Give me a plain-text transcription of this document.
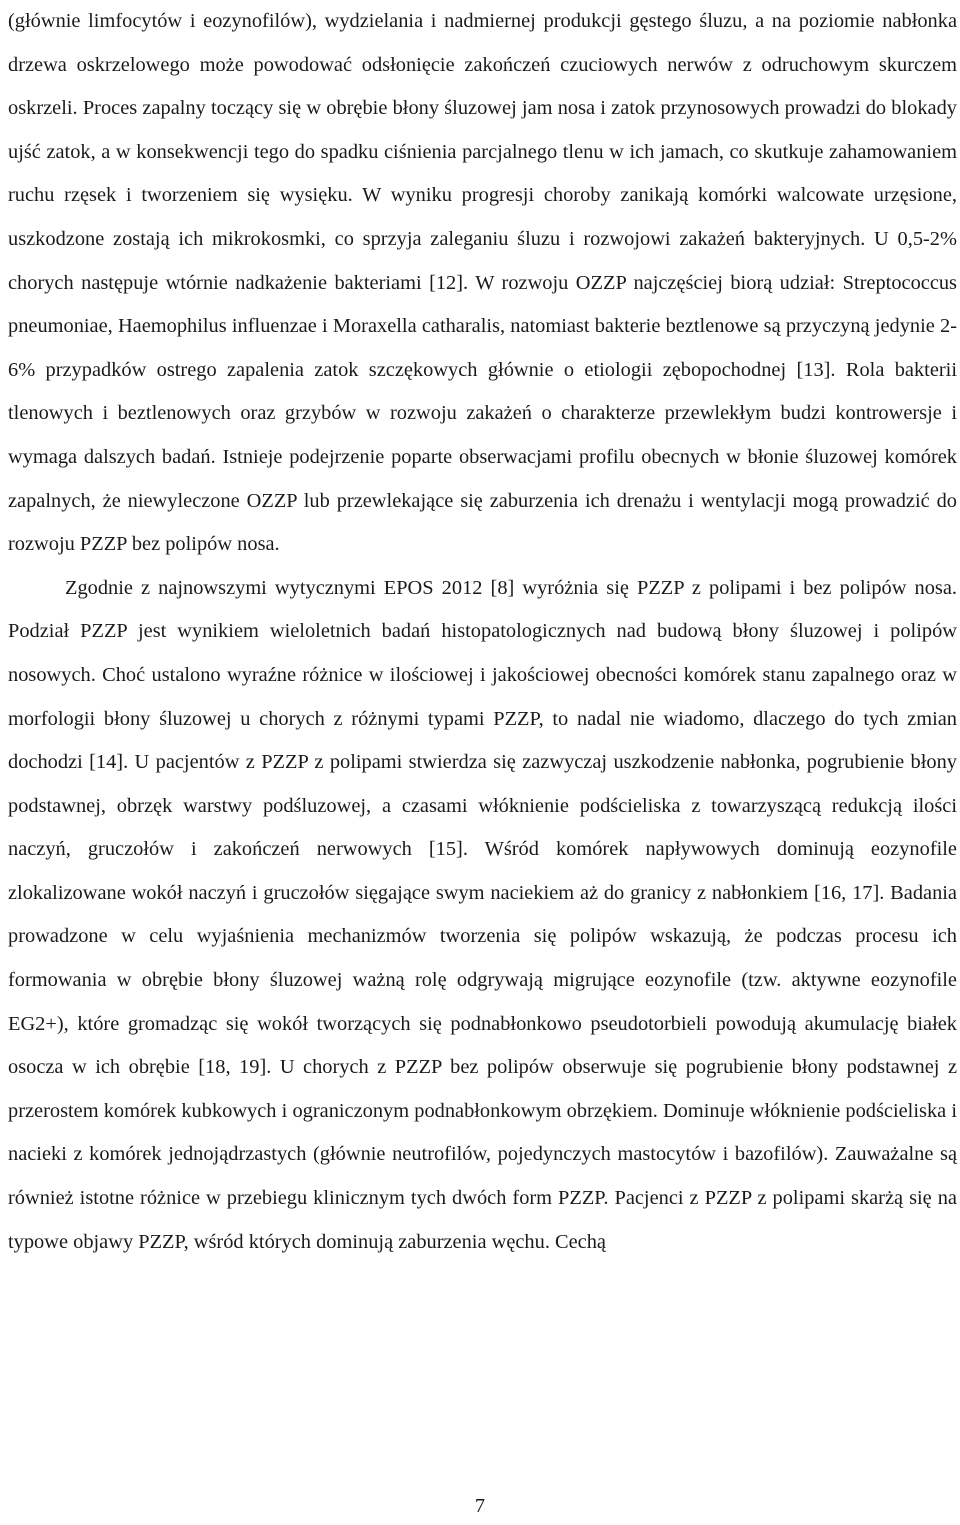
(głównie limfocytów i eozynofilów), wydzielania i nadmiernej produkcji gęstego śluzu, a na poziomie nabłonka drzewa oskrzelowego może powodować odsłonięcie zakończeń czuciowych nerwów z odruchowym skurczem oskrzeli. Proces zapalny toczący się w obrębie błony śluzowej jam nosa i zatok przynosowych prowadzi do blokady ujść zatok, a w konsekwencji tego do spadku ciśnienia parcjalnego tlenu w ich jamach, co skutkuje zahamowaniem ruchu rzęsek i tworzeniem się wysięku. W wyniku progresji choroby zanikają komórki walcowate urzęsione, uszkodzone zostają ich mikrokosmki, co sprzyja zaleganiu śluzu i rozwojowi zakażeń bakteryjnych. U 0,5-2% chorych następuje wtórnie nadkażenie bakteriami [12]. W rozwoju OZZP najczęściej biorą udział: Streptococcus pneumoniae, Haemophilus influenzae i Moraxella catharalis, natomiast bakterie beztlenowe są przyczyną jedynie 2-6% przypadków ostrego zapalenia zatok szczękowych głównie o etiologii zębopochodnej [13]. Rola bakterii tlenowych i beztlenowych oraz grzybów w rozwoju zakażeń o charakterze przewlekłym budzi kontrowersje i wymaga dalszych badań. Istnieje podejrzenie poparte obserwacjami profilu obecnych w błonie śluzowej komórek zapalnych, że niewyleczone OZZP lub przewlekające się zaburzenia ich drenażu i wentylacji mogą prowadzić do rozwoju PZZP bez polipów nosa.

Zgodnie z najnowszymi wytycznymi EPOS 2012 [8] wyróżnia się PZZP z polipami i bez polipów nosa. Podział PZZP jest wynikiem wieloletnich badań histopatologicznych nad budową błony śluzowej i polipów nosowych. Choć ustalono wyraźne różnice w ilościowej i jakościowej obecności komórek stanu zapalnego oraz w morfologii błony śluzowej u chorych z różnymi typami PZZP, to nadal nie wiadomo, dlaczego do tych zmian dochodzi [14]. U pacjentów z PZZP z polipami stwierdza się zazwyczaj uszkodzenie nabłonka, pogrubienie błony podstawnej, obrzęk warstwy podśluzowej, a czasami włóknienie podścieliska z towarzyszącą redukcją ilości naczyń, gruczołów i zakończeń nerwowych [15]. Wśród komórek napływowych dominują eozynofile zlokalizowane wokół naczyń i gruczołów sięgające swym naciekiem aż do granicy z nabłonkiem [16, 17]. Badania prowadzone w celu wyjaśnienia mechanizmów tworzenia się polipów wskazują, że podczas procesu ich formowania w obrębie błony śluzowej ważną rolę odgrywają migrujące eozynofile (tzw. aktywne eozynofile EG2+), które gromadząc się wokół tworzących się podnabłonkowo pseudotorbieli powodują akumulację białek osocza w ich obrębie [18, 19]. U chorych z PZZP bez polipów obserwuje się pogrubienie błony podstawnej z przerostem komórek kubkowych i ograniczonym podnabłonkowym obrzękiem. Dominuje włóknienie podścieliska i nacieki z komórek jednojądrzastych (głównie neutrofilów, pojedynczych mastocytów i bazofilów). Zauważalne są również istotne różnice w przebiegu klinicznym tych dwóch form PZZP. Pacjenci z PZZP z polipami skarżą się na typowe objawy PZZP, wśród których dominują zaburzenia węchu. Cechą

7
